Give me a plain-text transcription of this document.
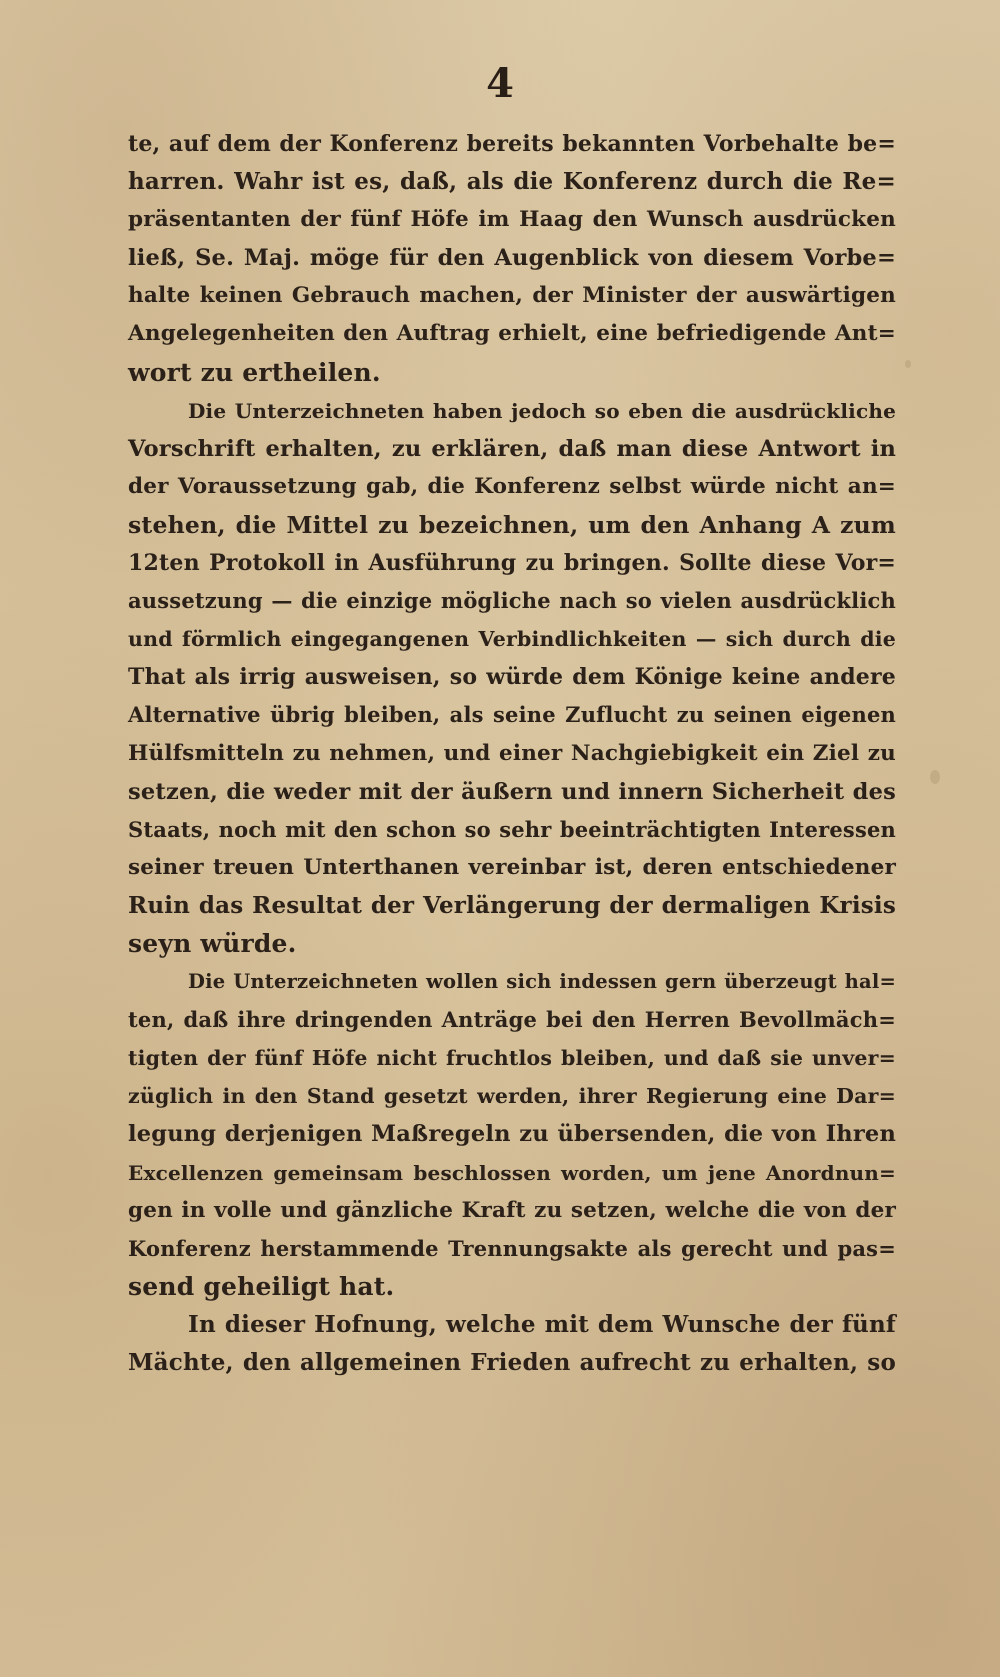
4
te, auf dem der Konferenz bereits bekannten Vorbehalte be=
harren. Wahr ist es, daß, als die Konferenz durch die Re=
präsentanten der fünf Höfe im Haag den Wunsch ausdrücken
ließ, Se. Maj. möge für den Augenblick von diesem Vorbe=
halte keinen Gebrauch machen, der Minister der auswärtigen
Angelegenheiten den Auftrag erhielt, eine befriedigende Ant=
wort zu ertheilen.
Die Unterzeichneten haben jedoch so eben die ausdrückliche
Vorschrift erhalten, zu erklären, daß man diese Antwort in
der Voraussetzung gab, die Konferenz selbst würde nicht an=
stehen, die Mittel zu bezeichnen, um den Anhang A zum
12ten Protokoll in Ausführung zu bringen. Sollte diese Vor=
aussetzung — die einzige mögliche nach so vielen ausdrücklich
und förmlich eingegangenen Verbindlichkeiten — sich durch die
That als irrig ausweisen, so würde dem Könige keine andere
Alternative übrig bleiben, als seine Zuflucht zu seinen eigenen
Hülfsmitteln zu nehmen, und einer Nachgiebigkeit ein Ziel zu
setzen, die weder mit der äußern und innern Sicherheit des
Staats, noch mit den schon so sehr beeinträchtigten Interessen
seiner treuen Unterthanen vereinbar ist, deren entschiedener
Ruin das Resultat der Verlängerung der dermaligen Krisis
seyn würde.
Die Unterzeichneten wollen sich indessen gern überzeugt hal=
ten, daß ihre dringenden Anträge bei den Herren Bevollmäch=
tigten der fünf Höfe nicht fruchtlos bleiben, und daß sie unver=
züglich in den Stand gesetzt werden, ihrer Regierung eine Dar=
legung derjenigen Maßregeln zu übersenden, die von Ihren
Excellenzen gemeinsam beschlossen worden, um jene Anordnun=
gen in volle und gänzliche Kraft zu setzen, welche die von der
Konferenz herstammende Trennungsakte als gerecht und pas=
send geheiligt hat.
In dieser Hofnung, welche mit dem Wunsche der fünf
Mächte, den allgemeinen Frieden aufrecht zu erhalten, so
